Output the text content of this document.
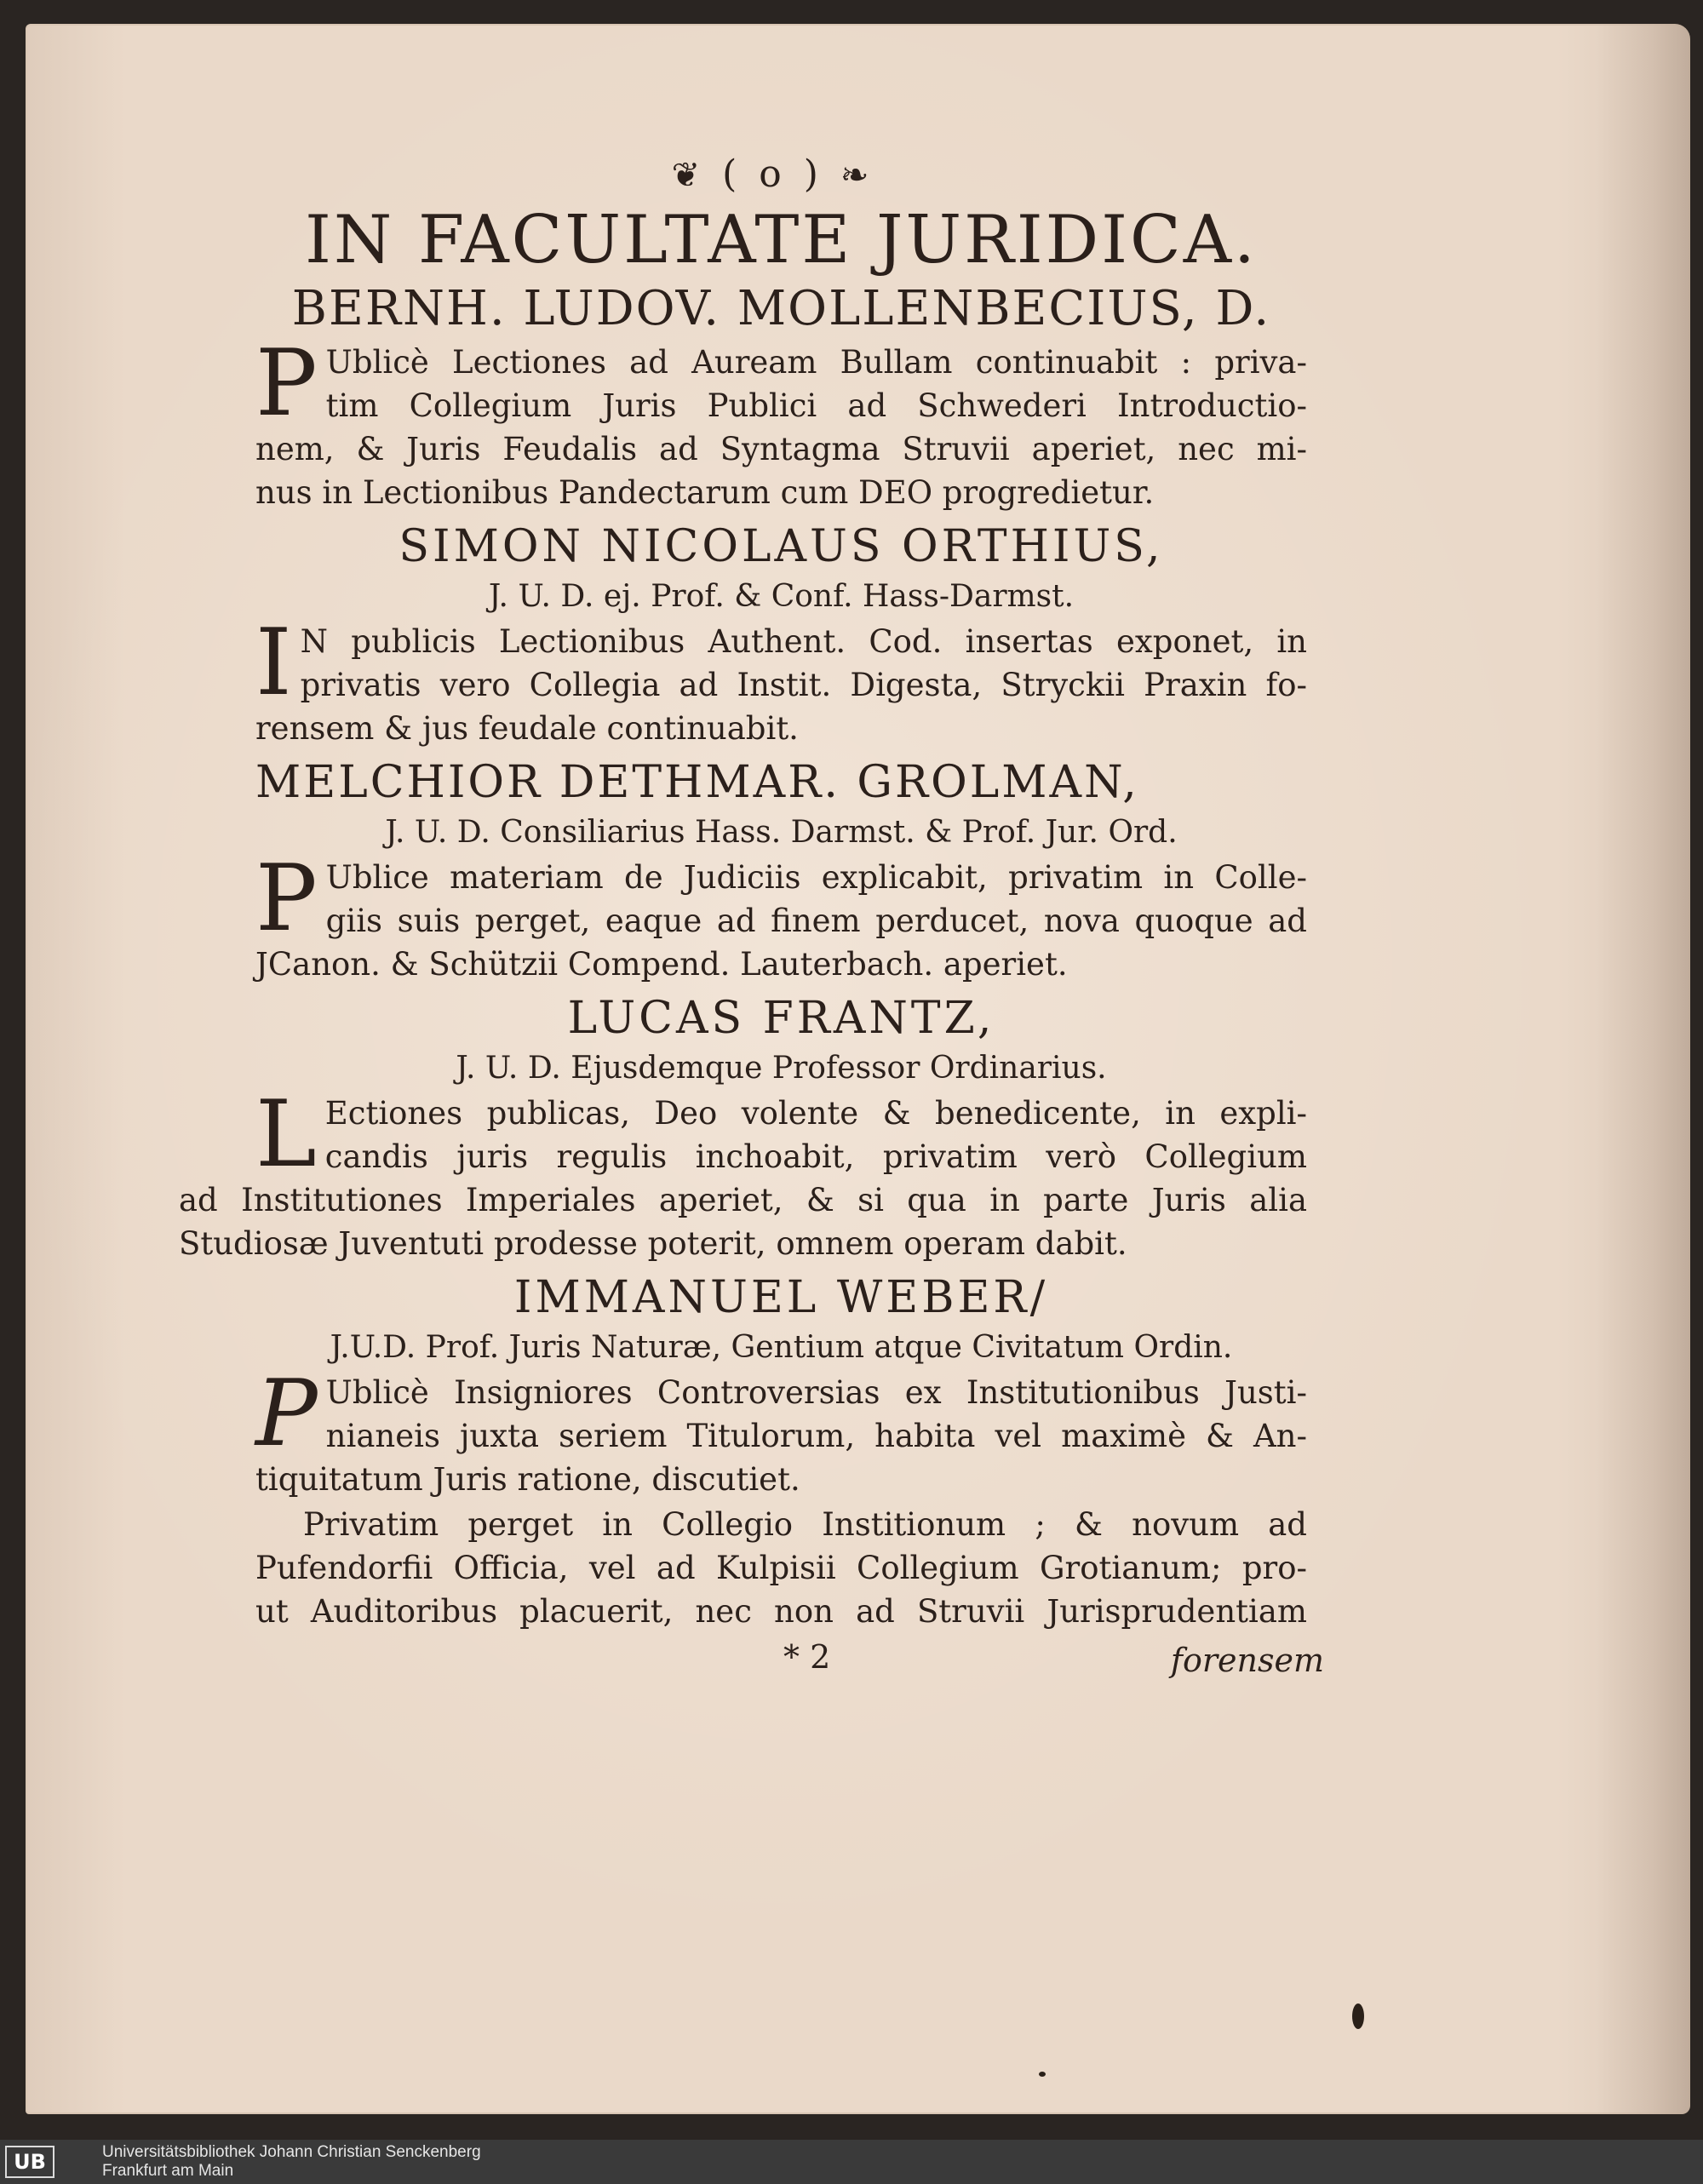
❦ ( o ) ❧
IN FACULTATE JURIDICA.
BERNH. LUDOV. MOLLENBECIUS, D.
P Ublicè Lectiones ad Auream Bullam continuabit : priva-
tim Collegium Juris Publici ad Schwederi Introductio-
nem, & Juris Feudalis ad Syntagma Struvii aperiet, nec mi-
nus in Lectionibus Pandectarum cum DEO progredietur.
SIMON NICOLAUS ORTHIUS,
J. U. D. ej. Prof. & Conf. Hass-Darmst.
I N publicis Lectionibus Authent. Cod. insertas exponet, in
privatis vero Collegia ad Instit. Digesta, Stryckii Praxin fo-
rensem & jus feudale continuabit.
MELCHIOR DETHMAR. GROLMAN,
J. U. D. Consiliarius Hass. Darmst. & Prof. Jur. Ord.
P Ublice materiam de Judiciis explicabit, privatim in Colle-
giis suis perget, eaque ad finem perducet, nova quoque ad
JCanon. & Schützii Compend. Lauterbach. aperiet.
LUCAS FRANTZ,
J. U. D. Ejusdemque Professor Ordinarius.
L Ectiones publicas, Deo volente & benedicente, in expli-
candis juris regulis inchoabit, privatim verò Collegium
ad Institutiones Imperiales aperiet, & si qua in parte Juris alia
Studiosæ Juventuti prodesse poterit, omnem operam dabit.
IMMANUEL WEBER/
J.U.D. Prof. Juris Naturæ, Gentium atque Civitatum Ordin.
P Ublicè Insigniores Controversias ex Institutionibus Justi-
nianeis juxta seriem Titulorum, habita vel maximè & An-
tiquitatum Juris ratione, discutiet.
Privatim perget in Collegio Institionum ; & novum ad
Pufendorfii Officia, vel ad Kulpisii Collegium Grotianum; pro-
ut Auditoribus placuerit, nec non ad Struvii Jurisprudentiam
* 2	forensem
UB	Universitätsbibliothek Johann Christian Senckenberg
Frankfurt am Main
